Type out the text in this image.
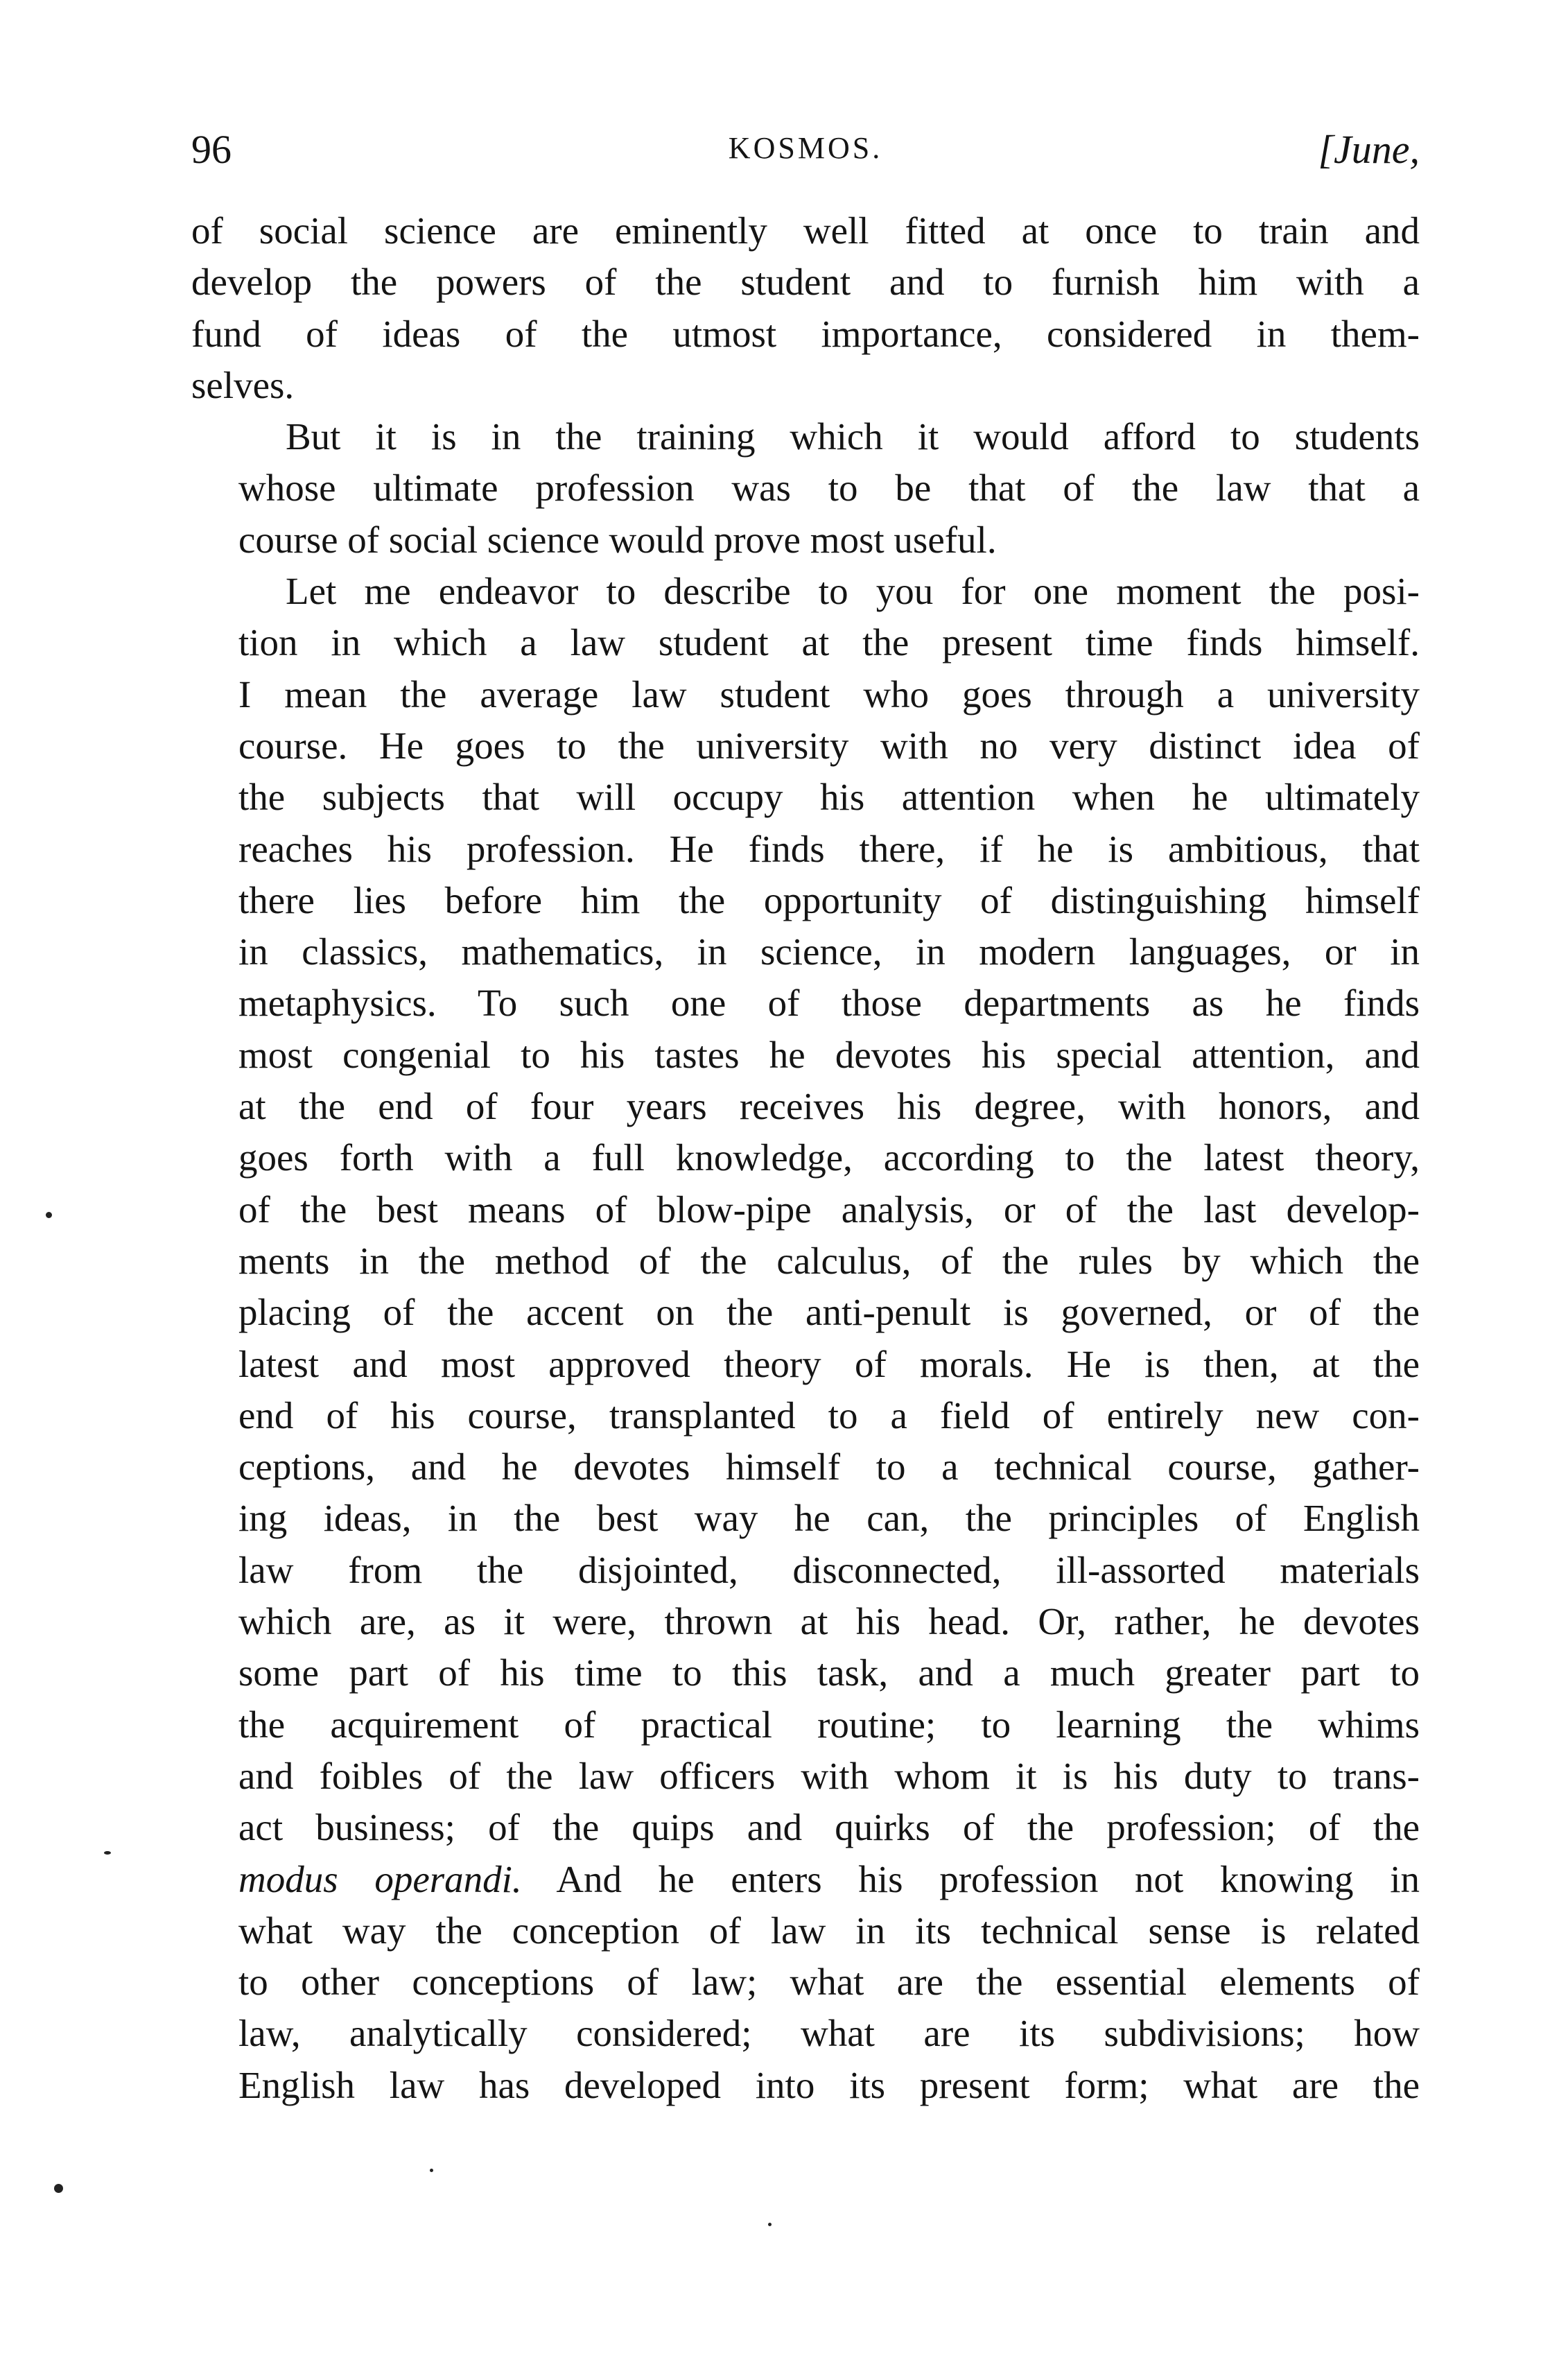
96	KOSMOS.	[June,
of social science are eminently well fitted at once to train and
develop the powers of the student and to furnish him with a
fund of ideas of the utmost importance, considered in them-
selves.
But it is in the training which it would afford to students
whose ultimate profession was to be that of the law that a
course of social science would prove most useful.
Let me endeavor to describe to you for one moment the posi-
tion in which a law student at the present time finds himself.
I mean the average law student who goes through a university
course. He goes to the university with no very distinct idea of
the subjects that will occupy his attention when he ultimately
reaches his profession. He finds there, if he is ambitious, that
there lies before him the opportunity of distinguishing himself
in classics, mathematics, in science, in modern languages, or in
metaphysics. To such one of those departments as he finds
most congenial to his tastes he devotes his special attention, and
at the end of four years receives his degree, with honors, and
goes forth with a full knowledge, according to the latest theory,
of the best means of blow-pipe analysis, or of the last develop-
ments in the method of the calculus, of the rules by which the
placing of the accent on the anti-penult is governed, or of the
latest and most approved theory of morals. He is then, at the
end of his course, transplanted to a field of entirely new con-
ceptions, and he devotes himself to a technical course, gather-
ing ideas, in the best way he can, the principles of English
law from the disjointed, disconnected, ill-assorted materials
which are, as it were, thrown at his head. Or, rather, he devotes
some part of his time to this task, and a much greater part to
the acquirement of practical routine; to learning the whims
and foibles of the law officers with whom it is his duty to trans-
act business; of the quips and quirks of the profession; of the
modus operandi. And he enters his profession not knowing in
what way the conception of law in its technical sense is related
to other conceptions of law; what are the essential elements of
law, analytically considered; what are its subdivisions; how
English law has developed into its present form; what are the
